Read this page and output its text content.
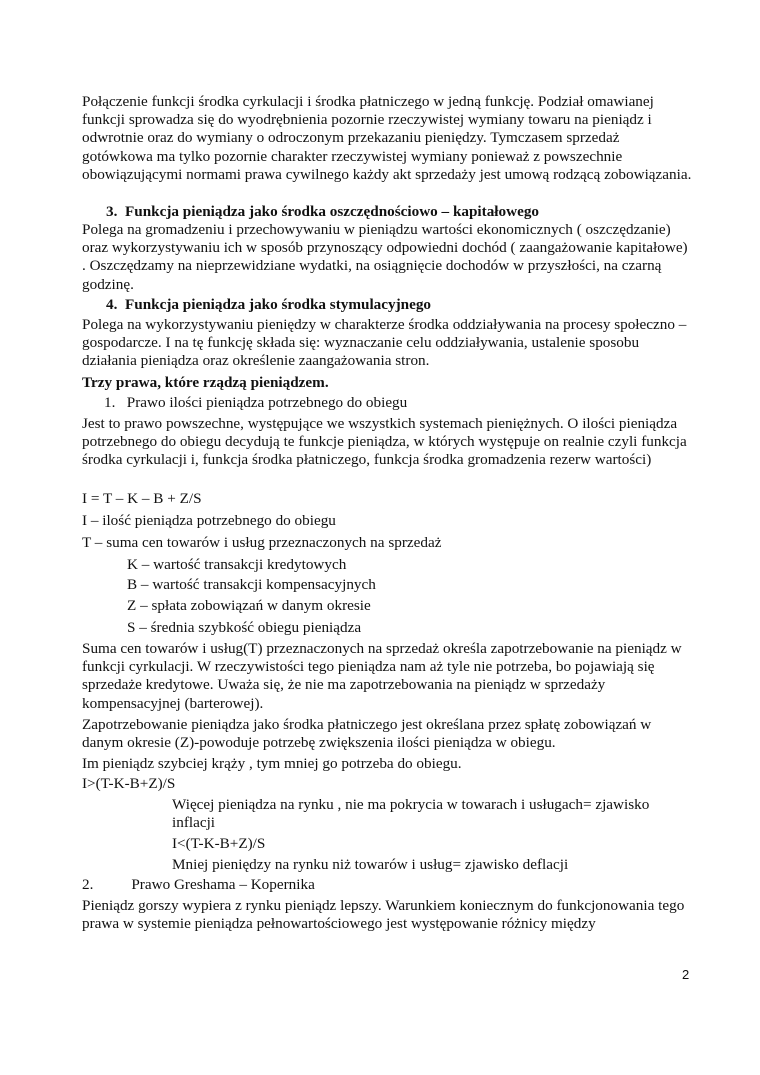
Połączenie funkcji środka cyrkulacji i środka płatniczego w jedną funkcję. Podział omawianej funkcji sprowadza się do wyodrębnienia pozornie rzeczywistej wymiany towaru na pieniądz i odwrotnie oraz do wymiany o odroczonym przekazaniu pieniędzy. Tymczasem sprzedaż gotówkowa ma tylko pozornie charakter rzeczywistej wymiany ponieważ z powszechnie obowiązującymi normami prawa cywilnego każdy akt sprzedaży jest umową rodzącą zobowiązania.

3.  Funkcja pieniądza jako środka oszczędnościowo – kapitałowego

Polega na gromadzeniu i przechowywaniu w pieniądzu wartości ekonomicznych ( oszczędzanie) oraz wykorzystywaniu ich w sposób przynoszący odpowiedni dochód ( zaangażowanie kapitałowe) . Oszczędzamy na nieprzewidziane wydatki, na osiągnięcie dochodów w przyszłości, na czarną godzinę.

4.  Funkcja pieniądza jako środka stymulacyjnego

Polega na wykorzystywaniu pieniędzy w charakterze środka oddziaływania na procesy społeczno – gospodarcze. I na tę funkcję składa się: wyznaczanie celu oddziaływania, ustalenie sposobu działania pieniądza oraz określenie zaangażowania stron.

Trzy prawa, które rządzą pieniądzem.

1.   Prawo ilości pieniądza potrzebnego do obiegu

Jest to prawo powszechne, występujące we wszystkich systemach pieniężnych. O ilości pieniądza potrzebnego do obiegu decydują te funkcje pieniądza, w których występuje on realnie czyli funkcja środka cyrkulacji i, funkcja środka płatniczego, funkcja środka gromadzenia rezerw wartości)

I = T – K – B + Z/S

I – ilość pieniądza potrzebnego do obiegu

T – suma cen towarów i usług przeznaczonych na sprzedaż

K – wartość transakcji kredytowych

B – wartość transakcji kompensacyjnych

Z – spłata zobowiązań w danym okresie

S – średnia szybkość obiegu pieniądza

Suma cen towarów i usług(T) przeznaczonych na sprzedaż określa zapotrzebowanie na pieniądz w funkcji cyrkulacji. W rzeczywistości tego pieniądza nam aż tyle nie potrzeba, bo pojawiają się sprzedaże kredytowe. Uważa się, że nie ma zapotrzebowania na pieniądz w sprzedaży kompensacyjnej (barterowej).

Zapotrzebowanie pieniądza jako środka płatniczego jest określana przez spłatę zobowiązań w danym okresie (Z)-powoduje potrzebę zwiększenia ilości pieniądza w obiegu.

Im pieniądz szybciej krąży , tym mniej go potrzeba do obiegu.

I>(T-K-B+Z)/S

Więcej pieniądza na rynku , nie ma pokrycia w towarach i usługach= zjawisko inflacji

I<(T-K-B+Z)/S

Mniej pieniędzy na rynku niż towarów i usług= zjawisko deflacji

2.          Prawo Greshama – Kopernika

Pieniądz gorszy wypiera z rynku pieniądz lepszy. Warunkiem koniecznym do funkcjonowania tego prawa w systemie pieniądza pełnowartościowego jest występowanie różnicy między

2
